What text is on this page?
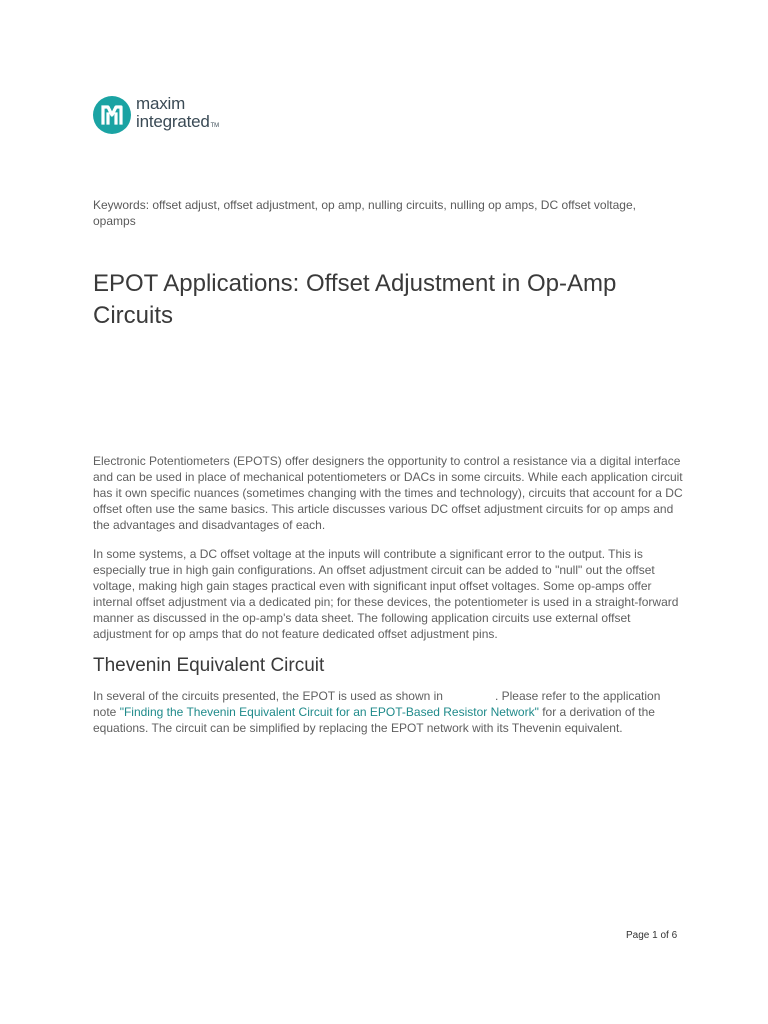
maxim
integratedTM
Keywords: offset adjust, offset adjustment, op amp, nulling circuits, nulling op amps, DC offset voltage, opamps
EPOT Applications: Offset Adjustment in Op-Amp Circuits

Electronic Potentiometers (EPOTS) offer designers the opportunity to control a resistance via a digital interface and can be used in place of mechanical potentiometers or DACs in some circuits. While each application circuit has it own specific nuances (sometimes changing with the times and technology), circuits that account for a DC offset often use the same basics. This article discusses various DC offset adjustment circuits for op amps and the advantages and disadvantages of each.

In some systems, a DC offset voltage at the inputs will contribute a significant error to the output. This is especially true in high gain configurations. An offset adjustment circuit can be added to "null" out the offset voltage, making high gain stages practical even with significant input offset voltages. Some op-amps offer internal offset adjustment via a dedicated pin; for these devices, the potentiometer is used in a straight-forward manner as discussed in the op-amp's data sheet. The following application circuits use external offset adjustment for op amps that do not feature dedicated offset adjustment pins.

Thevenin Equivalent Circuit

In several of the circuits presented, the EPOT is used as shown in	. Please refer to the application note "Finding the Thevenin Equivalent Circuit for an EPOT-Based Resistor Network" for a derivation of the equations. The circuit can be simplified by replacing the EPOT network with its Thevenin equivalent.

Page 1 of 6
